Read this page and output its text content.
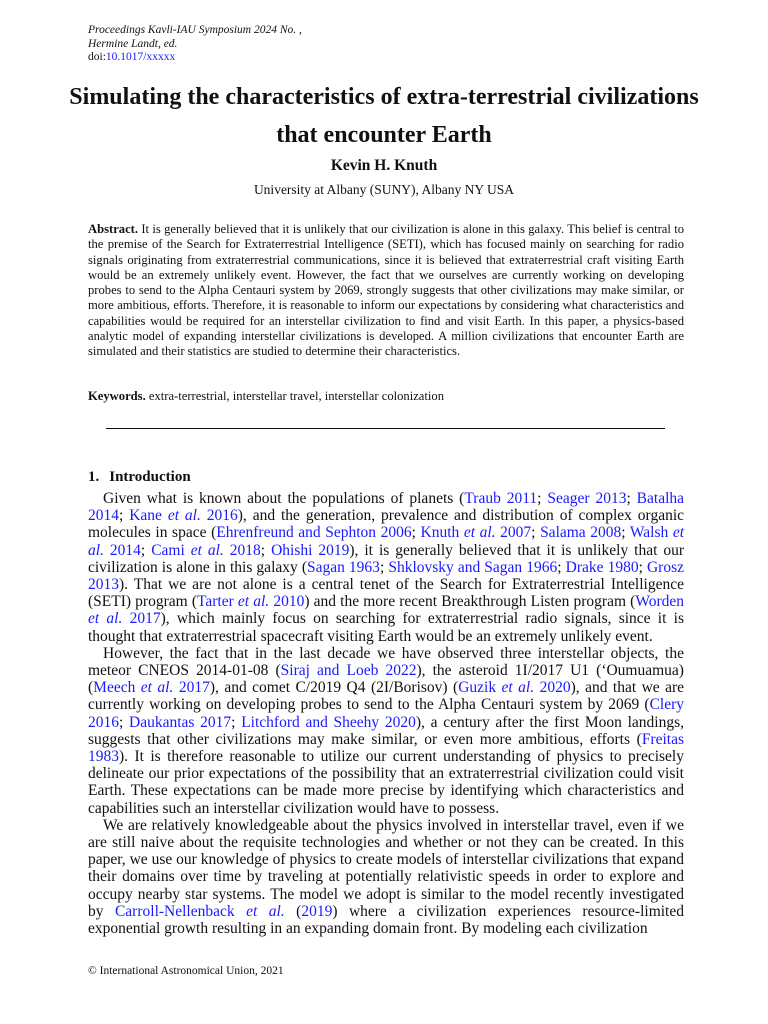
Proceedings Kavli-IAU Symposium 2024 No. ,
Hermine Landt, ed.
doi:10.1017/xxxxx
Simulating the characteristics of extra-terrestrial civilizations that encounter Earth
Kevin H. Knuth
University at Albany (SUNY), Albany NY USA
Abstract. It is generally believed that it is unlikely that our civilization is alone in this galaxy. This belief is central to the premise of the Search for Extraterrestrial Intelligence (SETI), which has focused mainly on searching for radio signals originating from extraterrestrial communications, since it is believed that extraterrestrial craft visiting Earth would be an extremely unlikely event. However, the fact that we ourselves are currently working on developing probes to send to the Alpha Centauri system by 2069, strongly suggests that other civilizations may make similar, or more ambitious, efforts. Therefore, it is reasonable to inform our expectations by considering what characteristics and capabilities would be required for an interstellar civilization to find and visit Earth. In this paper, a physics-based analytic model of expanding interstellar civilizations is developed. A million civilizations that encounter Earth are simulated and their statistics are studied to determine their characteristics.
Keywords. extra-terrestrial, interstellar travel, interstellar colonization
1. Introduction

Given what is known about the populations of planets (Traub 2011; Seager 2013; Batalha 2014; Kane et al. 2016), and the generation, prevalence and distribution of complex organic molecules in space (Ehrenfreund and Sephton 2006; Knuth et al. 2007; Salama 2008; Walsh et al. 2014; Cami et al. 2018; Ohishi 2019), it is generally believed that it is unlikely that our civilization is alone in this galaxy (Sagan 1963; Shklovsky and Sagan 1966; Drake 1980; Grosz 2013). That we are not alone is a central tenet of the Search for Extraterrestrial Intelligence (SETI) program (Tarter et al. 2010) and the more recent Breakthrough Listen program (Worden et al. 2017), which mainly focus on searching for extraterrestrial radio signals, since it is thought that extraterrestrial spacecraft visiting Earth would be an extremely unlikely event.

However, the fact that in the last decade we have observed three interstellar objects, the meteor CNEOS 2014-01-08 (Siraj and Loeb 2022), the asteroid 1I/2017 U1 (‘Oumuamua) (Meech et al. 2017), and comet C/2019 Q4 (2I/Borisov) (Guzik et al. 2020), and that we are currently working on developing probes to send to the Alpha Centauri system by 2069 (Clery 2016; Daukantas 2017; Litchford and Sheehy 2020), a century after the first Moon landings, suggests that other civilizations may make similar, or even more ambitious, efforts (Freitas 1983). It is therefore reasonable to utilize our current understanding of physics to precisely delineate our prior expectations of the possibility that an extraterrestrial civilization could visit Earth. These expectations can be made more precise by identifying which characteristics and capabilities such an interstellar civilization would have to possess.

We are relatively knowledgeable about the physics involved in interstellar travel, even if we are still naive about the requisite technologies and whether or not they can be created. In this paper, we use our knowledge of physics to create models of interstellar civilizations that expand their domains over time by traveling at potentially relativistic speeds in order to explore and occupy nearby star systems. The model we adopt is similar to the model recently investigated by Carroll-Nellenback et al. (2019) where a civilization experiences resource-limited exponential growth resulting in an expanding domain front. By modeling each civilization

© International Astronomical Union, 2021
